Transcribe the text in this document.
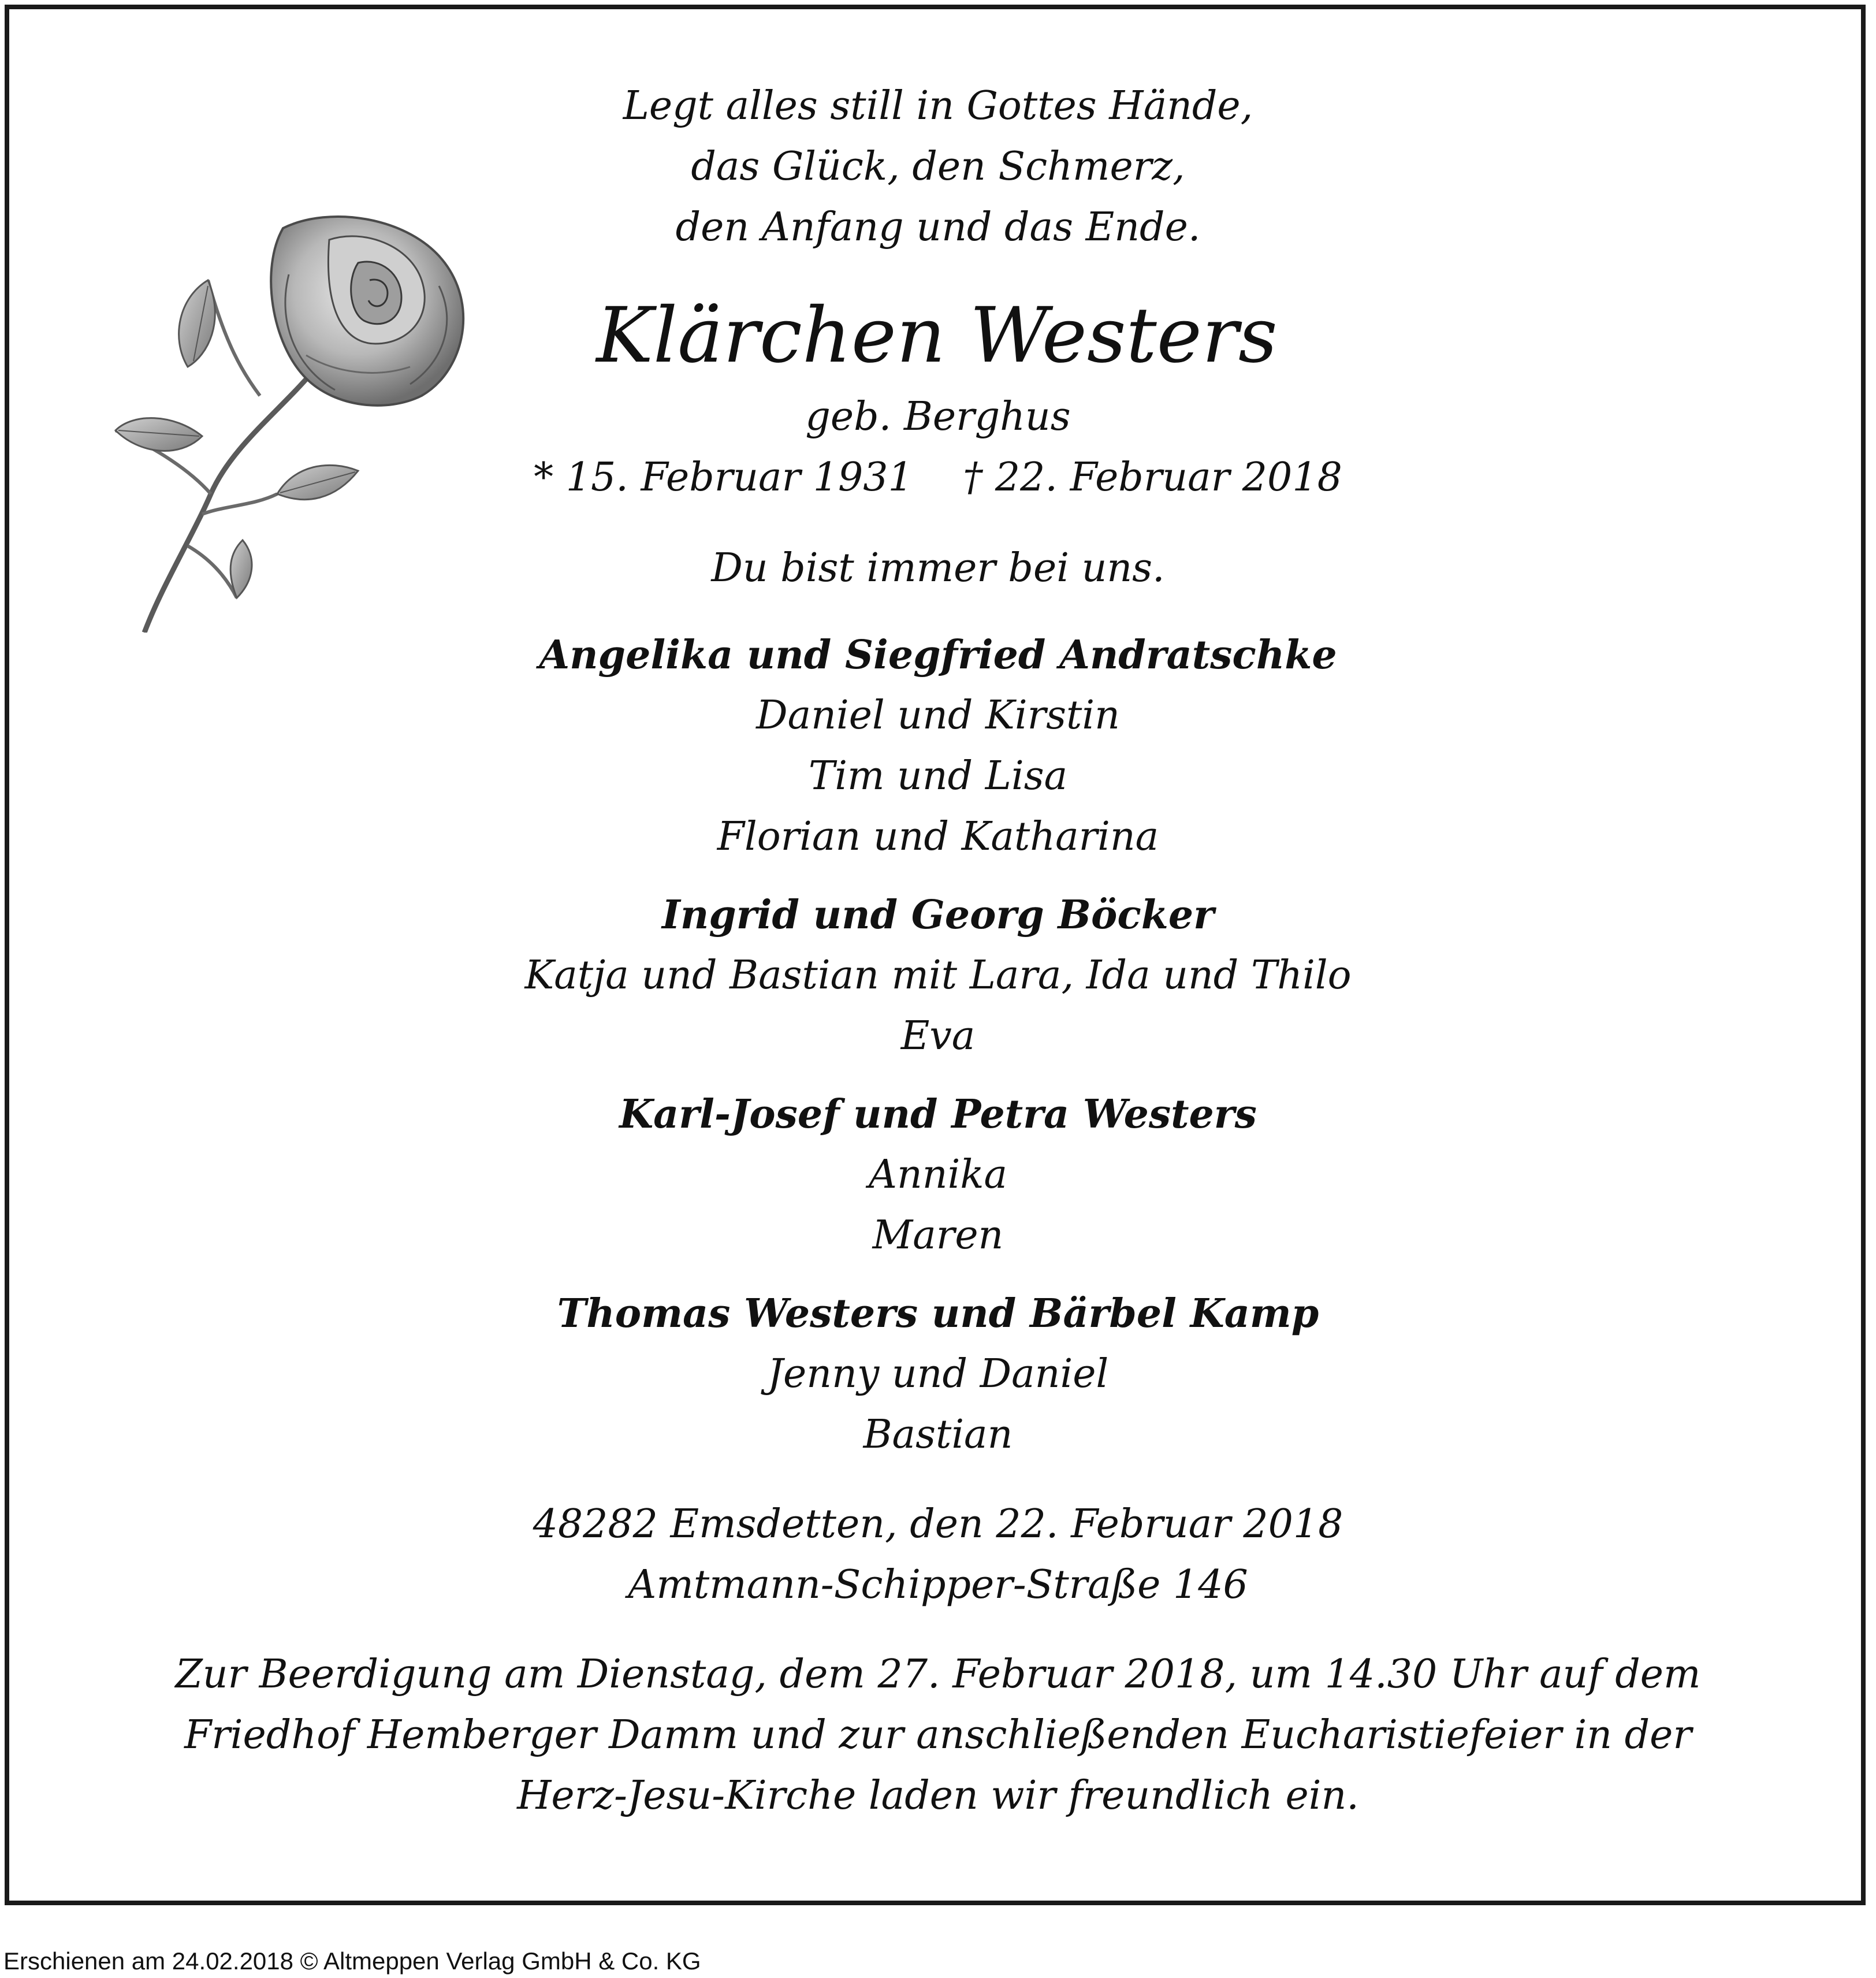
Legt alles still in Gottes Hände,
das Glück, den Schmerz,
den Anfang und das Ende.
Klärchen Westers
geb. Berghus
* 15. Februar 1931    † 22. Februar 2018
Du bist immer bei uns.
Angelika und Siegfried Andratschke
Daniel und Kirstin
Tim und Lisa
Florian und Katharina
Ingrid und Georg Böcker
Katja und Bastian mit Lara, Ida und Thilo
Eva
Karl-Josef und Petra Westers
Annika
Maren
Thomas Westers und Bärbel Kamp
Jenny und Daniel
Bastian
48282 Emsdetten, den 22. Februar 2018
Amtmann-Schipper-Straße 146
Zur Beerdigung am Dienstag, dem 27. Februar 2018, um 14.30 Uhr auf dem
Friedhof Hemberger Damm und zur anschließenden Eucharistiefeier in der
Herz-Jesu-Kirche laden wir freundlich ein.
Erschienen am 24.02.2018 © Altmeppen Verlag GmbH & Co. KG
